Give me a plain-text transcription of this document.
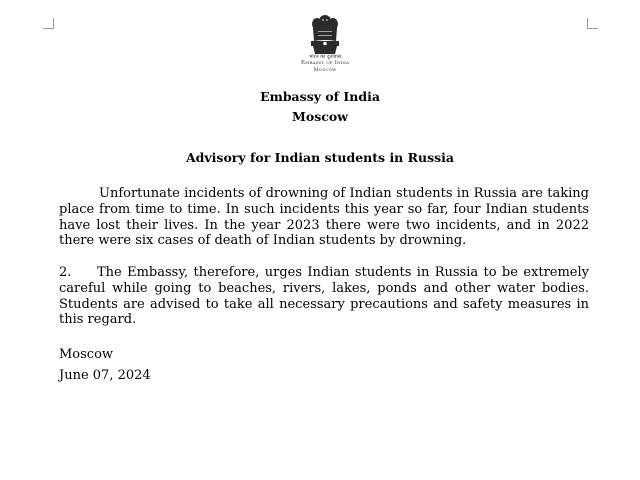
भारत का दूतावास
Embassy of India
Moscow
Embassy of India
Moscow
Advisory for Indian students in Russia
Unfortunate incidents of drowning of Indian students in Russia are taking place from time to time. In such incidents this year so far, four Indian students have lost their lives. In the year 2023 there were two incidents, and in 2022 there were six cases of death of Indian students by drowning.
2. The Embassy, therefore, urges Indian students in Russia to be extremely careful while going to beaches, rivers, lakes, ponds and other water bodies. Students are advised to take all necessary precautions and safety measures in this regard.
Moscow
June 07, 2024
